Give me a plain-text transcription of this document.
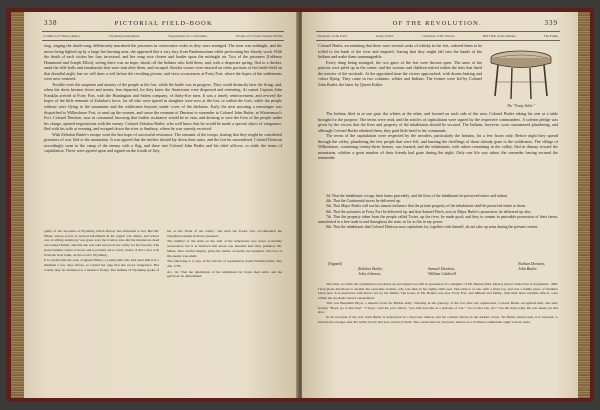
338	PICTORIAL FIELD-BOOK
Condition of Sharon Rutter.	Wyoming Settlements.	Negotiations for a Surrender.	Escape of Colonel Zebulon Butler.

ring, singing the death-song, deliberately murdered the prisoners in consecutive order as they were arranged. The time was midnight, and the moon being lighted up by a large fire burning near, she appeared like a very fury from Pandemonium while performing her bloody work. With the death of each victim her fury increased, and her song rose clearer and louder upon the midnight air. Two of the prisoners (Lebbeus Hammond and Joseph Elliot), seeing there was no hope, shook off the Indians who held them, and, with a desperate spring, fled to a thicket, amid the rifle-balls and tomahawks that were sent after them, and escaped. Similar scenes were enacted on other portions of the battle-field on that dreadful night, but we will draw a veil before the revolting picture, and view occurrences at Forty Fort, where the hopes of the settlements were now centered.

Terrible were the suspense and anxiety of the people at the fort, while the battle was in progress. They could distinctly hear the firing, and, when the shots became fewer and nearer, fear departed, for they knew the Americans were dispersed and retreating. At sunset Captain John Franklin arrived at Forty Fort, with the Huntington and Salem company, of thirty-five men. It was a timely reinforcement, and revived the hopes of the little remnant of Zebulon's force, for all who were spared in slaughter were now at the fort, or within the forts, while the people without were flying to the mountains and the wilderness beyond, under cover of the darkness. Early the next morning a messenger was dispatched to Wilkesbarre Fort, to send up the women, and cause the remnant of Denison to surrender to Colonel John Butler, at Wintermoot's Fort. Colonel Denison, now in command, knowing that further resistance would be in vain, and desiring to save the lives of the people under his charge, opened negotiations with the enemy. Colonel Zebulon Butler, who well knew that he would be made a special object of vengeance, fled with his wife at evening, and escaped down the river to Sunbury, where he was warmly received.

With Zebulon Butler's escape went the last hope of successful resistance. The remnant of the troops, fearing that they might be considered prisoners of war, fled to the mountains. It was agreed that the settlers should lay down their arms, and the fort be surrendered. Colonel Denison accordingly went to the camp of the enemy with a flag, and there met Colonel John Butler and his chief officers, to settle the terms of capitulation. These were agreed upon and signed on the fourth of July.

guilty of the atrocities at Wyoming which history has attributed to her. But Mr. Miner, whose access to several informants in the region was ample, and whose care in sifting testimony was great, says the woman who did the murderous deed was named Esther, and that she was well known in the valley for her ferocity. The stone remains where it stood, and is pointed out to every visitor. It lies a few rods from the river bank, on the road to Wyoming.

It is related that the sons of Queen Esther, a young man who had been killed in a skirmish a few days before, so roused her rage that she swore vengeance. Her cruelty may be attributed to a mother's frenzy. The Indians of Wyoming spoke of her as the 'fiend of the valley', and even the Tories who accompanied the expedition shrank from her presence.

The number of the slain on the side of the Americans was never accurately ascertained, but it is believed that about one hundred and sixty perished. Mr. Miner, after careful inquiry, gives the names of nearly two hundred. The loss of the enemy was small.

The following is a copy of the articles of capitulation, dated Westmoreland, July 4th, 1778.

Art. 1st. That the inhabitants of the settlement lay down their arms, and the garrisons be demolished.

OF THE REVOLUTION.	339
Surrender of the Forts.	Treaty Terms.	Condition of the Victors.	Bad Faith of the Indians.	The Flight.

Colonel Butler, ascertaining that there were several casks of whisky in the fort, ordered them to be rolled to the bank of the river and emptied, fearing that they might fall into the hands of the Indians and make them unmanageable.

Every thing being arranged, the two gates of the fort were thrown open. The arms of the patriots were piled up in the center, and the women and children retired within the huts that lined the interior of the stockade. At the appointed time the victors approached, with drums beating and colors flying. They came in two columns, whites and Indians. The former were led by Colonel John Butler, the latter by Queen Esther.

The "Treaty Table."

The Indians filed in at one gate, the whites at the other, and formed on each side of the area, Colonel Butler taking his seat at a table brought for the purpose. The terms were read, and the articles of capitulation were signed by the respective commanders. A solemn pledge was given by the victors that the lives and property of the inhabitants should be secured. The Indians, however, soon commenced plundering, and although Colonel Butler rebuked them, they paid little heed to his commands.

The terms of the capitulation were respected by the invaders, particularly the Indians, for a few hours only. Before night they spread through the valley, plundering the few people that were left, and burning the dwellings of those already gone to the wilderness. The village of Wilkesbarre, containing twenty-three houses, was burned; and the inhabitants, with others remaining in the valley, fled in dismay toward the mountains, whither a great number of their friends had gone during the night. Only one life was taken, the surrender having secured the remainder.

3d. That the inhabitants occupy their farms peaceably, and the lives of the inhabitants be preserved entire and unhurt.

4th. That the Continental stores be delivered up.

5th. That Major Butler will use his utmost influence that the private property of the inhabitants shall be preserved entire to them.

6th. That the prisoners in Forty Fort be delivered up, and that Samuel Finch, now in Major Butler's possession, be delivered up also.

7th. That the property taken from the people called Tories, up the river, be made good; and they to remain in peaceable possession of their farms, unmolested in a free trade in and throughout the state, as far as lies in my power.

8th. That the inhabitants that Colonel Denison now capitulates for, together with himself, do not take up arms during the present contest.

[Signed]
Zebulon Butler,
John Johnson,
Samuel Denison,
William Caldwell.
Nathan Denison,
John Butler.

The table on which the capitulation was drawn up and signed was still in possession of a daughter of Mr. Bennet (Mrs. Myers) when I visited her in September, 1848. I had given directions to another the venerable woman, who was then in her eighty-sixth year. The table is of oak, with a fixed top, and was a family piece of furniture when new. It is preserved with much care by the family. The house of Mr. Bennet was near Forty Fort, and himself and family, with their most valuable effects, were within the stockade when it surrendered.

This was Benjamin Boyd, a deserter from the British army. Standing in the gateway of the fort after the capitulation, Colonel Butler recognized him, and said, sternly, "Boyd, go to that tree!" "I hope," said the poor fellow, "you will treat me as a prisoner of war." "Go to that tree, sir!" was the stern reply. He was taken out and shot.

In all accounts of the war, John Butler is denounced as a ferocious demon, and his conduct shown in the darkest colors. Yet Butler endeavored, it is asserted, to restrain the savages after the battle; but he had lost control of them. The colonel did not, however, behave as a civilized commander ought to have done.
